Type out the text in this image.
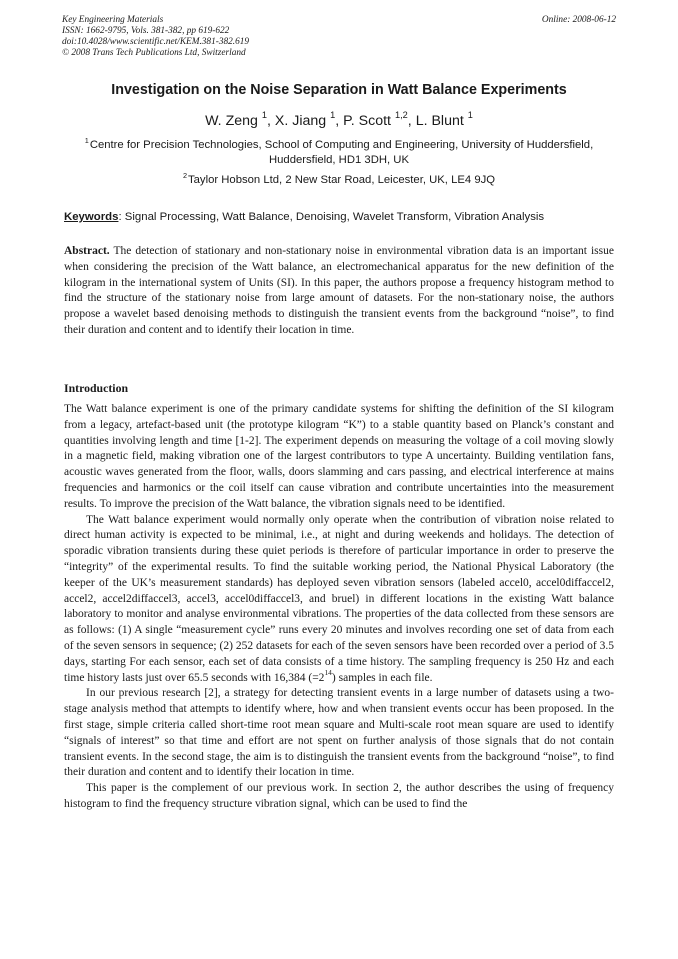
Key Engineering Materials
ISSN: 1662-9795, Vols. 381-382, pp 619-622
doi:10.4028/www.scientific.net/KEM.381-382.619
© 2008 Trans Tech Publications Ltd, Switzerland
Online: 2008-06-12
Investigation on the Noise Separation in Watt Balance Experiments
W. Zeng $^1$, X. Jiang $^1$, P. Scott $^{1,2}$, L. Blunt $^1$
$^1$ Centre for Precision Technologies, School of Computing and Engineering, University of Huddersfield, Huddersfield, HD1 3DH, UK
$^2$ Taylor Hobson Ltd, 2 New Star Road, Leicester, UK, LE4 9JQ
Keywords: Signal Processing, Watt Balance, Denoising, Wavelet Transform, Vibration Analysis
Abstract. The detection of stationary and non-stationary noise in environmental vibration data is an important issue when considering the precision of the Watt balance, an electromechanical apparatus for the new definition of the kilogram in the international system of Units (SI). In this paper, the authors propose a frequency histogram method to find the structure of the stationary noise from large amount of datasets. For the non-stationary noise, the authors propose a wavelet based denoising methods to distinguish the transient events from the background “noise”, to find their duration and content and to identify their location in time.
Introduction

The Watt balance experiment is one of the primary candidate systems for shifting the definition of the SI kilogram from a legacy, artefact-based unit (the prototype kilogram “K”) to a stable quantity based on Planck’s constant and quantities involving length and time [1-2]. The experiment depends on measuring the voltage of a coil moving slowly in a magnetic field, making vibration one of the largest contributors to type A uncertainty. Building ventilation fans, acoustic waves generated from the floor, walls, doors slamming and cars passing, and electrical interference at mains frequencies and harmonics or the coil itself can cause vibration and contribute uncertainties into the measurement results. To improve the precision of the Watt balance, the vibration signals need to be identified.

The Watt balance experiment would normally only operate when the contribution of vibration noise related to direct human activity is expected to be minimal, i.e., at night and during weekends and holidays. The detection of sporadic vibration transients during these quiet periods is therefore of particular importance in order to preserve the “integrity” of the experimental results. To find the suitable working period, the National Physical Laboratory (the keeper of the UK’s measurement standards) has deployed seven vibration sensors (labeled accel0, accel0diffaccel2, accel2, accel2diffaccel3, accel3, accel0diffaccel3, and bruel) in different locations in the existing Watt balance laboratory to monitor and analyse environmental vibrations. The properties of the data collected from these sensors are as follows: (1) A single “measurement cycle” runs every 20 minutes and involves recording one set of data from each of the seven sensors in sequence; (2) 252 datasets for each of the seven sensors have been recorded over a period of 3.5 days, starting For each sensor, each set of data consists of a time history. The sampling frequency is 250 Hz and each time history lasts just over 65.5 seconds with 16,384 $(=2^{14})$ samples in each file.

In our previous research [2], a strategy for detecting transient events in a large number of datasets using a two-stage analysis method that attempts to identify where, how and when transient events occur has been proposed. In the first stage, simple criteria called short-time root mean square and Multi-scale root mean square are used to identify “signals of interest” so that time and effort are not spent on further analysis of those signals that do not contain transient events. In the second stage, the aim is to distinguish the transient events from the background “noise”, to find their duration and content and to identify their location in time.

This paper is the complement of our previous work. In section 2, the author describes the using of frequency histogram to find the frequency structure vibration signal, which can be used to find the
